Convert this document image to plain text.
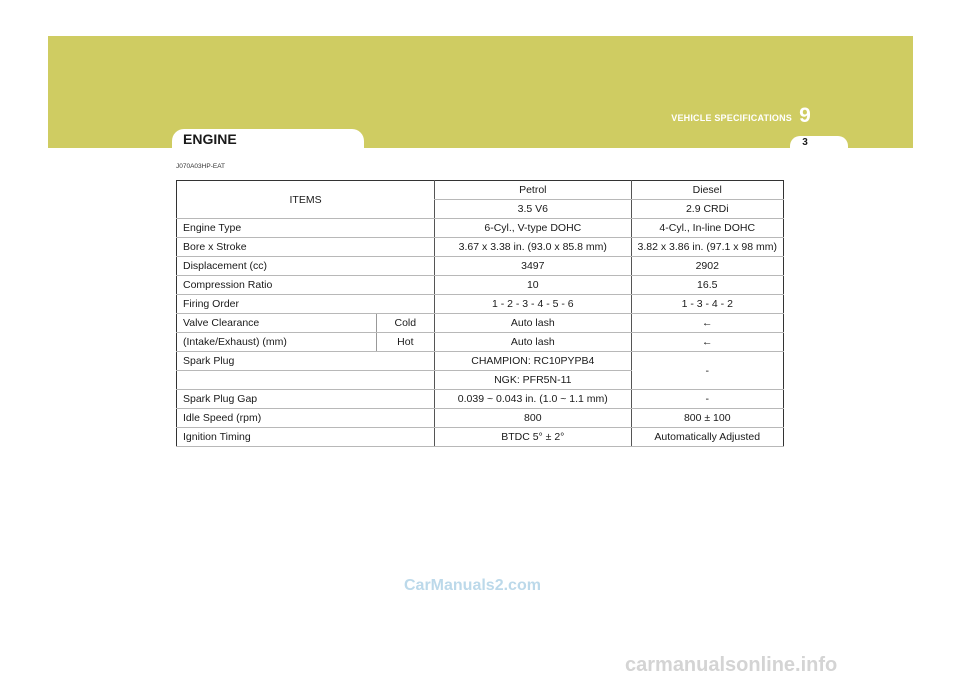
ENGINE
VEHICLE SPECIFICATIONS 9
3
J070A03HP-EAT
ITEMS		Petrol	Diesel
		3.5 V6	2.9 CRDi
Engine Type		6-Cyl., V-type DOHC	4-Cyl., In-line DOHC
Bore x Stroke		3.67 x 3.38 in. (93.0 x 85.8 mm)	3.82 x 3.86 in. (97.1 x 98 mm)
Displacement (cc)		3497	2902
Compression Ratio		10	16.5
Firing Order		1 - 2 - 3 - 4 - 5 - 6	1 - 3 - 4 - 2
Valve Clearance	Cold	Auto lash	←
(Intake/Exhaust) (mm)	Hot	Auto lash	←
Spark Plug		CHAMPION: RC10PYPB4	-
		NGK: PFR5N-11	
Spark Plug Gap		0.039 ~ 0.043 in. (1.0 ~ 1.1 mm)	-
Idle Speed (rpm)		800	800 ± 100
Ignition Timing		BTDC 5° ± 2°	Automatically Adjusted
CarManuals2.com
carmanualsonline.info
